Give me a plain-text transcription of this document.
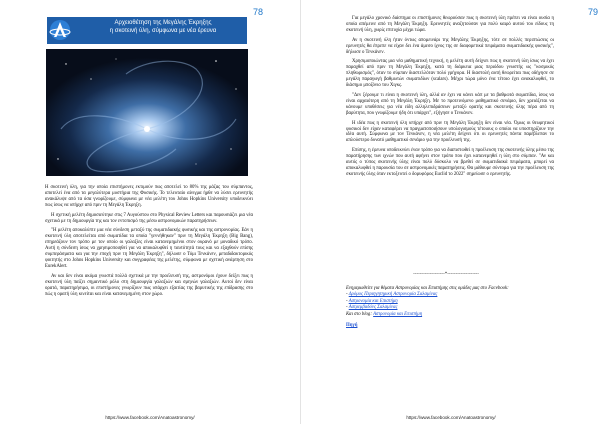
78
Αρχειοθέτηση της Μεγάλης Έκρηξης
η σκοτεινή ύλη, σύμφωνα με νέα έρευνα

Η σκοτεινή ύλη, για την οποία επιστήμονες εκτιμούν πως αποτελεί το 80% της μάζας του σύμπαντος, αποτελεί ένα από τα μεγαλύτερα μυστήρια της Φυσικής. Το τελευταίο αίνιγμα ήρθε να λύσει ερευνητής ανακάλυψε από τα όσα γνωρίζουμε, σύμφωνα με νέα μελέτη του Johns Hopkins University υποδεικνύει πως ίσως να υπήρχε από πριν τη Μεγάλη Έκρηξη.

Η σχετική μελέτη δημοσιεύτηκε στις 7 Αυγούστου στο Physical Review Letters και παρουσιάζει μια νέα σχετικά με τη δημιουργία της και τον εντοπισμό της μέσω αστρονομικών παρατηρήσεων.

"Η μελέτη αποκαλύπτε μια νέα σύνδεση μεταξύ της σωματιδιακής φυσικής και της αστρονομίας. Εάν η σκοτεινή ύλη αποτελείται από σωματίδια τα οποία "γεννήθηκαν" πριν τη Μεγάλη Έκρηξη (Big Bang), επηρεάζουν τον τρόπο με τον οποίο οι γαλαξίες είναι κατανεμημένοι στον ουρανό με μοναδικό τρόπο. Αυτή η σύνδεση ίσως να χρησιμοποιηθεί για να αποκαλυφθεί η ταυτότητά τους και να εξαχθούν επίσης συμπεράσματα και για την εποχή πριν τη Μεγάλη Έκρηξη", δήλωσε ο Τόμι Τενκάνεν, μεταδιδακτορικός φοιτητής στο Johns Hopkins University και συγγραφέας της μελέτης, σύμφωνα με σχετική ανάρτηση στο EurekAlert.

Αν και δεν είναι ακόμα γνωστά πολλά σχετικά με την προέλευσή της, αστρονόμοι έχουν δείξει πως η σκοτεινή ύλη παίζει σημαντικό ρόλο στη δημιουργία γαλαξιών και σμηνών γαλαξιών. Αυτοί δεν είναι ορατά, παρατηρήσιμα, οι επιστήμονες γνωρίζουν πως υπάρχει εξαιτίας της βαρυτικής της επίδρασης στο πώς η ορατή ύλη κινείται και είναι κατανεμημένη στον χώρο.

https://www.facebook.com/Anatoastronomy/
79

Για μεγάλο χρονικό διάστημα οι επιστήμονες θεωρούσαν πως η σκοτεινή ύλη πρέπει να είναι ουσία η οποία απέμεινε από τη Μεγάλη Έκρηξη. Ερευνητές αναζητούσαν για πολύ καιρό αυτού του είδους τη σκοτεινή ύλη, χωρίς επιτυχία μέχρι τώρα.

Αν η σκοτεινή ύλη ήταν όντως απομεινάρι της Μεγάλης Έκρηξης, τότε σε πολλές περιπτώσεις οι ερευνητές θα έπρεπε να είχαν δει ένα άμεσο ίχνος της σε διαφορετικά πειράματα σωματιδιακής φυσικής", δήλωσε ο Τενκάνεν.

Χρησιμοποιώντας μια νέα μαθηματική τεχνική, η μελέτη αυτή δείχνει πως η σκοτεινή ύλη ίσως να έχει παραχθεί από πριν τη Μεγάλη Έκρηξη, κατά τη διάρκεια μιας περιόδου γνωστής ως "κοσμικός πληθωρισμός", όταν το σύμπαν διαστελλόταν πολύ γρήγορα. Η διαστολή αυτή θεωρείται πως οδήγησε σε μεγάλη παραγωγή βαθμωτών σωματιδίων (scalars). Μέχρι τώρα μόνο ένα τέτοιο έχει ανακαλυφθεί, το διάσημο μποζόνιο του Χιγκς.

"Δεν ξέρουμε τι είναι η σκοτεινή ύλη, αλλά αν έχει να κάνει κάπ με τα βαθμωτά σωματίδια, ίσως να είναι αρχαιότερη από τη Μεγάλη Έκρηξη. Με το προτεινόμενο μαθηματικό σενάριο, δεν χρειάζεται να κάνουμε υποθέσεις για νέα είδη αλληλεπιδράσεων μεταξύ ορατής και σκοτεινής ύλης πέρα από τη βαρύτητα, που γνωρίζουμε ήδη ότι υπάρχει", εξήγησε ο Τενκάνεν.

Η ιδέα πως η σκοτεινή ύλη υπήρχε από πριν τη Μεγάλη Έκρηξη δεν είναι νέα. Όμως οι θεωρητικοί φυσικοί δεν είχαν καταφέρει να πραγματοποιήσουν υπολογισμούς τέτοιους ο οποίοι να υποστηρίζουν την ιδέα αυτή. Σύμφωνα με τον Τενκάνεν, η νέα μελέτη δείχνει ότι οι ερευνητές πάντα παρέβλεπαν το απλούστερο δυνατό μαθηματικό σενάριο για την προέλευσή της.

Επίσης, η έρευνα υποδεικνύει έναν τρόπο για να διαπιστωθεί η προέλευση της σκοτεινής ύλης μέσω της παρατήρησης των ιχνών που αυτή αφήνει στον τρόπο που έχει κατανεμηθεί η ύλη στο σύμπαν. "Αν και αυτός ο τύπος σκοτεινής ύλης είναι πολύ δύσκολο να βρεθεί σε σωματιδιακά πειράματα, μπορεί να αποκαλυφθεί η παρουσία του σε αστρονομικές παρατηρήσεις. Θα μάθουμε σύντομα για την προέλευση της σκοτεινής ύλης όταν εκτοξευτεί ο δορυφόρος Euclid το 2022" σημείωσε ο ερευνητής.

-------------------*-------------------
Ενημερωθείτε για θέματα Αστρονομίας και Επιστήμης στις ομάδες μας στο Facebook:
- Δρόμος Περιηγητηρική Αστρονομία Σαλαμίνας
- Αστρονομία και Επιστήμη
- Αστρεμβαδόνς Σαλαμίνας
Και στο blog: Αστρονομία και Επιστήμη
Πηγή
https://www.facebook.com/Anatoastronomy/
